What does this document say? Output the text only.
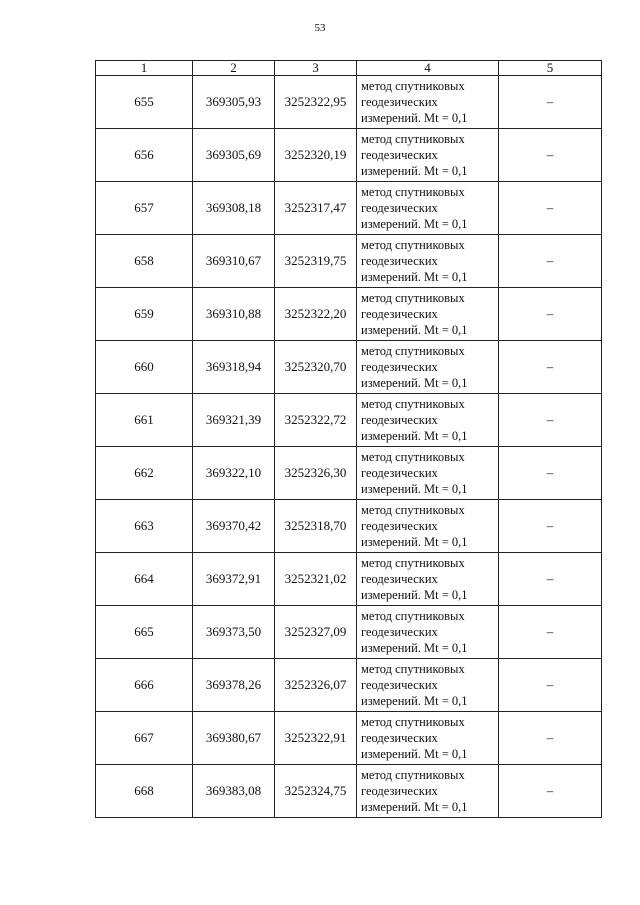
53
1	2	3	4	5
655	369305,93	3252322,95	метод спутниковых
геодезических
измерений. Mt = 0,1	–
656	369305,69	3252320,19	метод спутниковых
геодезических
измерений. Mt = 0,1	–
657	369308,18	3252317,47	метод спутниковых
геодезических
измерений. Mt = 0,1	–
658	369310,67	3252319,75	метод спутниковых
геодезических
измерений. Mt = 0,1	–
659	369310,88	3252322,20	метод спутниковых
геодезических
измерений. Mt = 0,1	–
660	369318,94	3252320,70	метод спутниковых
геодезических
измерений. Mt = 0,1	–
661	369321,39	3252322,72	метод спутниковых
геодезических
измерений. Mt = 0,1	–
662	369322,10	3252326,30	метод спутниковых
геодезических
измерений. Mt = 0,1	–
663	369370,42	3252318,70	метод спутниковых
геодезических
измерений. Mt = 0,1	–
664	369372,91	3252321,02	метод спутниковых
геодезических
измерений. Mt = 0,1	–
665	369373,50	3252327,09	метод спутниковых
геодезических
измерений. Mt = 0,1	–
666	369378,26	3252326,07	метод спутниковых
геодезических
измерений. Mt = 0,1	–
667	369380,67	3252322,91	метод спутниковых
геодезических
измерений. Mt = 0,1	–
668	369383,08	3252324,75	метод спутниковых
геодезических
измерений. Mt = 0,1	–
